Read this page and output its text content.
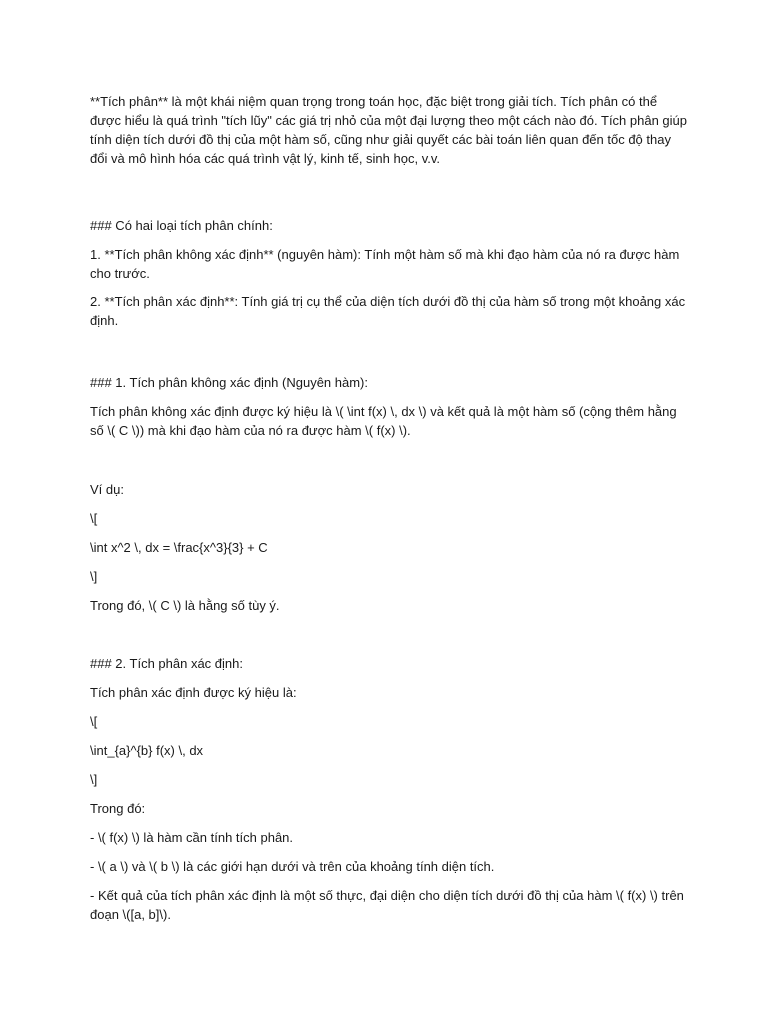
**Tích phân** là một khái niệm quan trọng trong toán học, đặc biệt trong giải tích. Tích phân có thể được hiểu là quá trình "tích lũy" các giá trị nhỏ của một đại lượng theo một cách nào đó. Tích phân giúp tính diện tích dưới đồ thị của một hàm số, cũng như giải quyết các bài toán liên quan đến tốc độ thay đổi và mô hình hóa các quá trình vật lý, kinh tế, sinh học, v.v.

### Có hai loại tích phân chính:

1. **Tích phân không xác định** (nguyên hàm): Tính một hàm số mà khi đạo hàm của nó ra được hàm cho trước.

2. **Tích phân xác định**: Tính giá trị cụ thể của diện tích dưới đồ thị của hàm số trong một khoảng xác định.

### 1. Tích phân không xác định (Nguyên hàm):

Tích phân không xác định được ký hiệu là \( \int f(x) \, dx \) và kết quả là một hàm số (cộng thêm hằng số \( C \)) mà khi đạo hàm của nó ra được hàm \( f(x) \).

Ví dụ:

\[

\int x^2 \, dx = \frac{x^3}{3} + C

\]

Trong đó, \( C \) là hằng số tùy ý.

### 2. Tích phân xác định:

Tích phân xác định được ký hiệu là:

\[

\int_{a}^{b} f(x) \, dx

\]

Trong đó:

- \( f(x) \) là hàm cần tính tích phân.

- \( a \) và \( b \) là các giới hạn dưới và trên của khoảng tính diện tích.

- Kết quả của tích phân xác định là một số thực, đại diện cho diện tích dưới đồ thị của hàm \( f(x) \) trên đoạn \([a, b]\).
